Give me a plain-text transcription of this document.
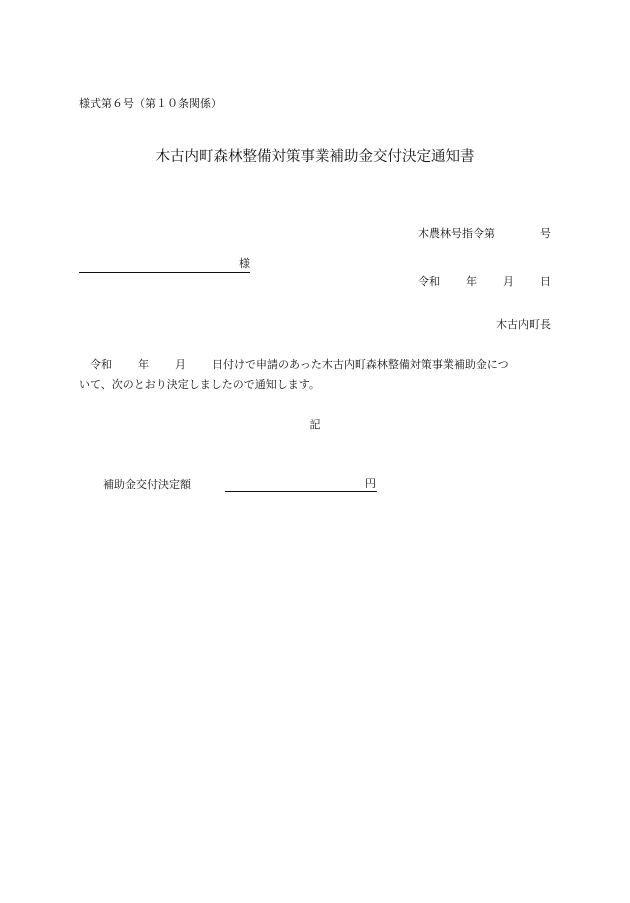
様式第６号（第１０条関係）
木古内町森林整備対策事業補助金交付決定通知書

木農林号指令第	号

令和 年 月 日

様

木古内町長
　令和 年 月 日付けで申請のあった木古内町森林整備対策事業補助金につ
いて、次のとおり決定しましたので通知します。
記
補助金交付決定額

	円
